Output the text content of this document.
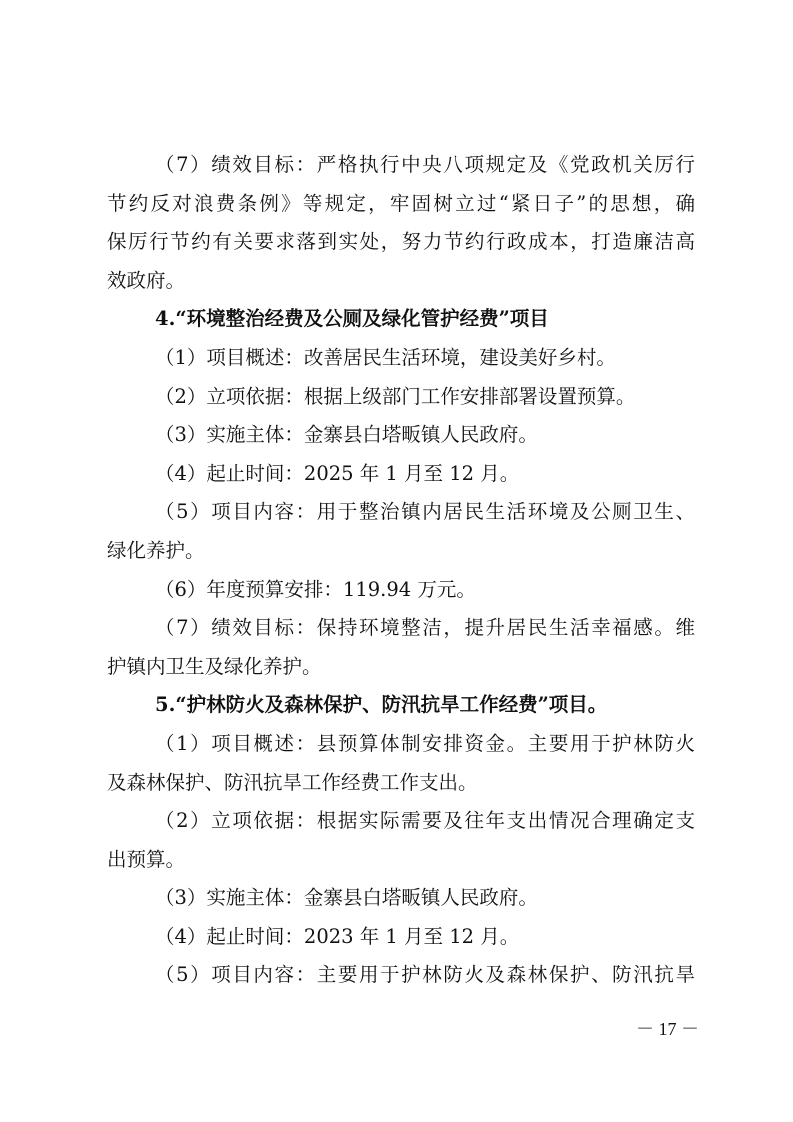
（7）绩效目标：严格执行中央八项规定及《党政机关厉行
节约反对浪费条例》等规定，牢固树立过“紧日子”的思想，确
保厉行节约有关要求落到实处，努力节约行政成本，打造廉洁高
效政府。
4.“环境整治经费及公厕及绿化管护经费”项目
（1）项目概述：改善居民生活环境，建设美好乡村。
（2）立项依据：根据上级部门工作安排部署设置预算。
（3）实施主体：金寨县白塔畈镇人民政府。
（4）起止时间：2025 年 1 月至 12 月。
（5）项目内容：用于整治镇内居民生活环境及公厕卫生、
绿化养护。
（6）年度预算安排：119.94 万元。
（7）绩效目标：保持环境整洁，提升居民生活幸福感。维
护镇内卫生及绿化养护。
5.“护林防火及森林保护、防汛抗旱工作经费”项目。
（1）项目概述：县预算体制安排资金。主要用于护林防火
及森林保护、防汛抗旱工作经费工作支出。
（2）立项依据：根据实际需要及往年支出情况合理确定支
出预算。
（3）实施主体：金寨县白塔畈镇人民政府。
（4）起止时间：2023 年 1 月至 12 月。
（5）项目内容：主要用于护林防火及森林保护、防汛抗旱
－ 17 －
